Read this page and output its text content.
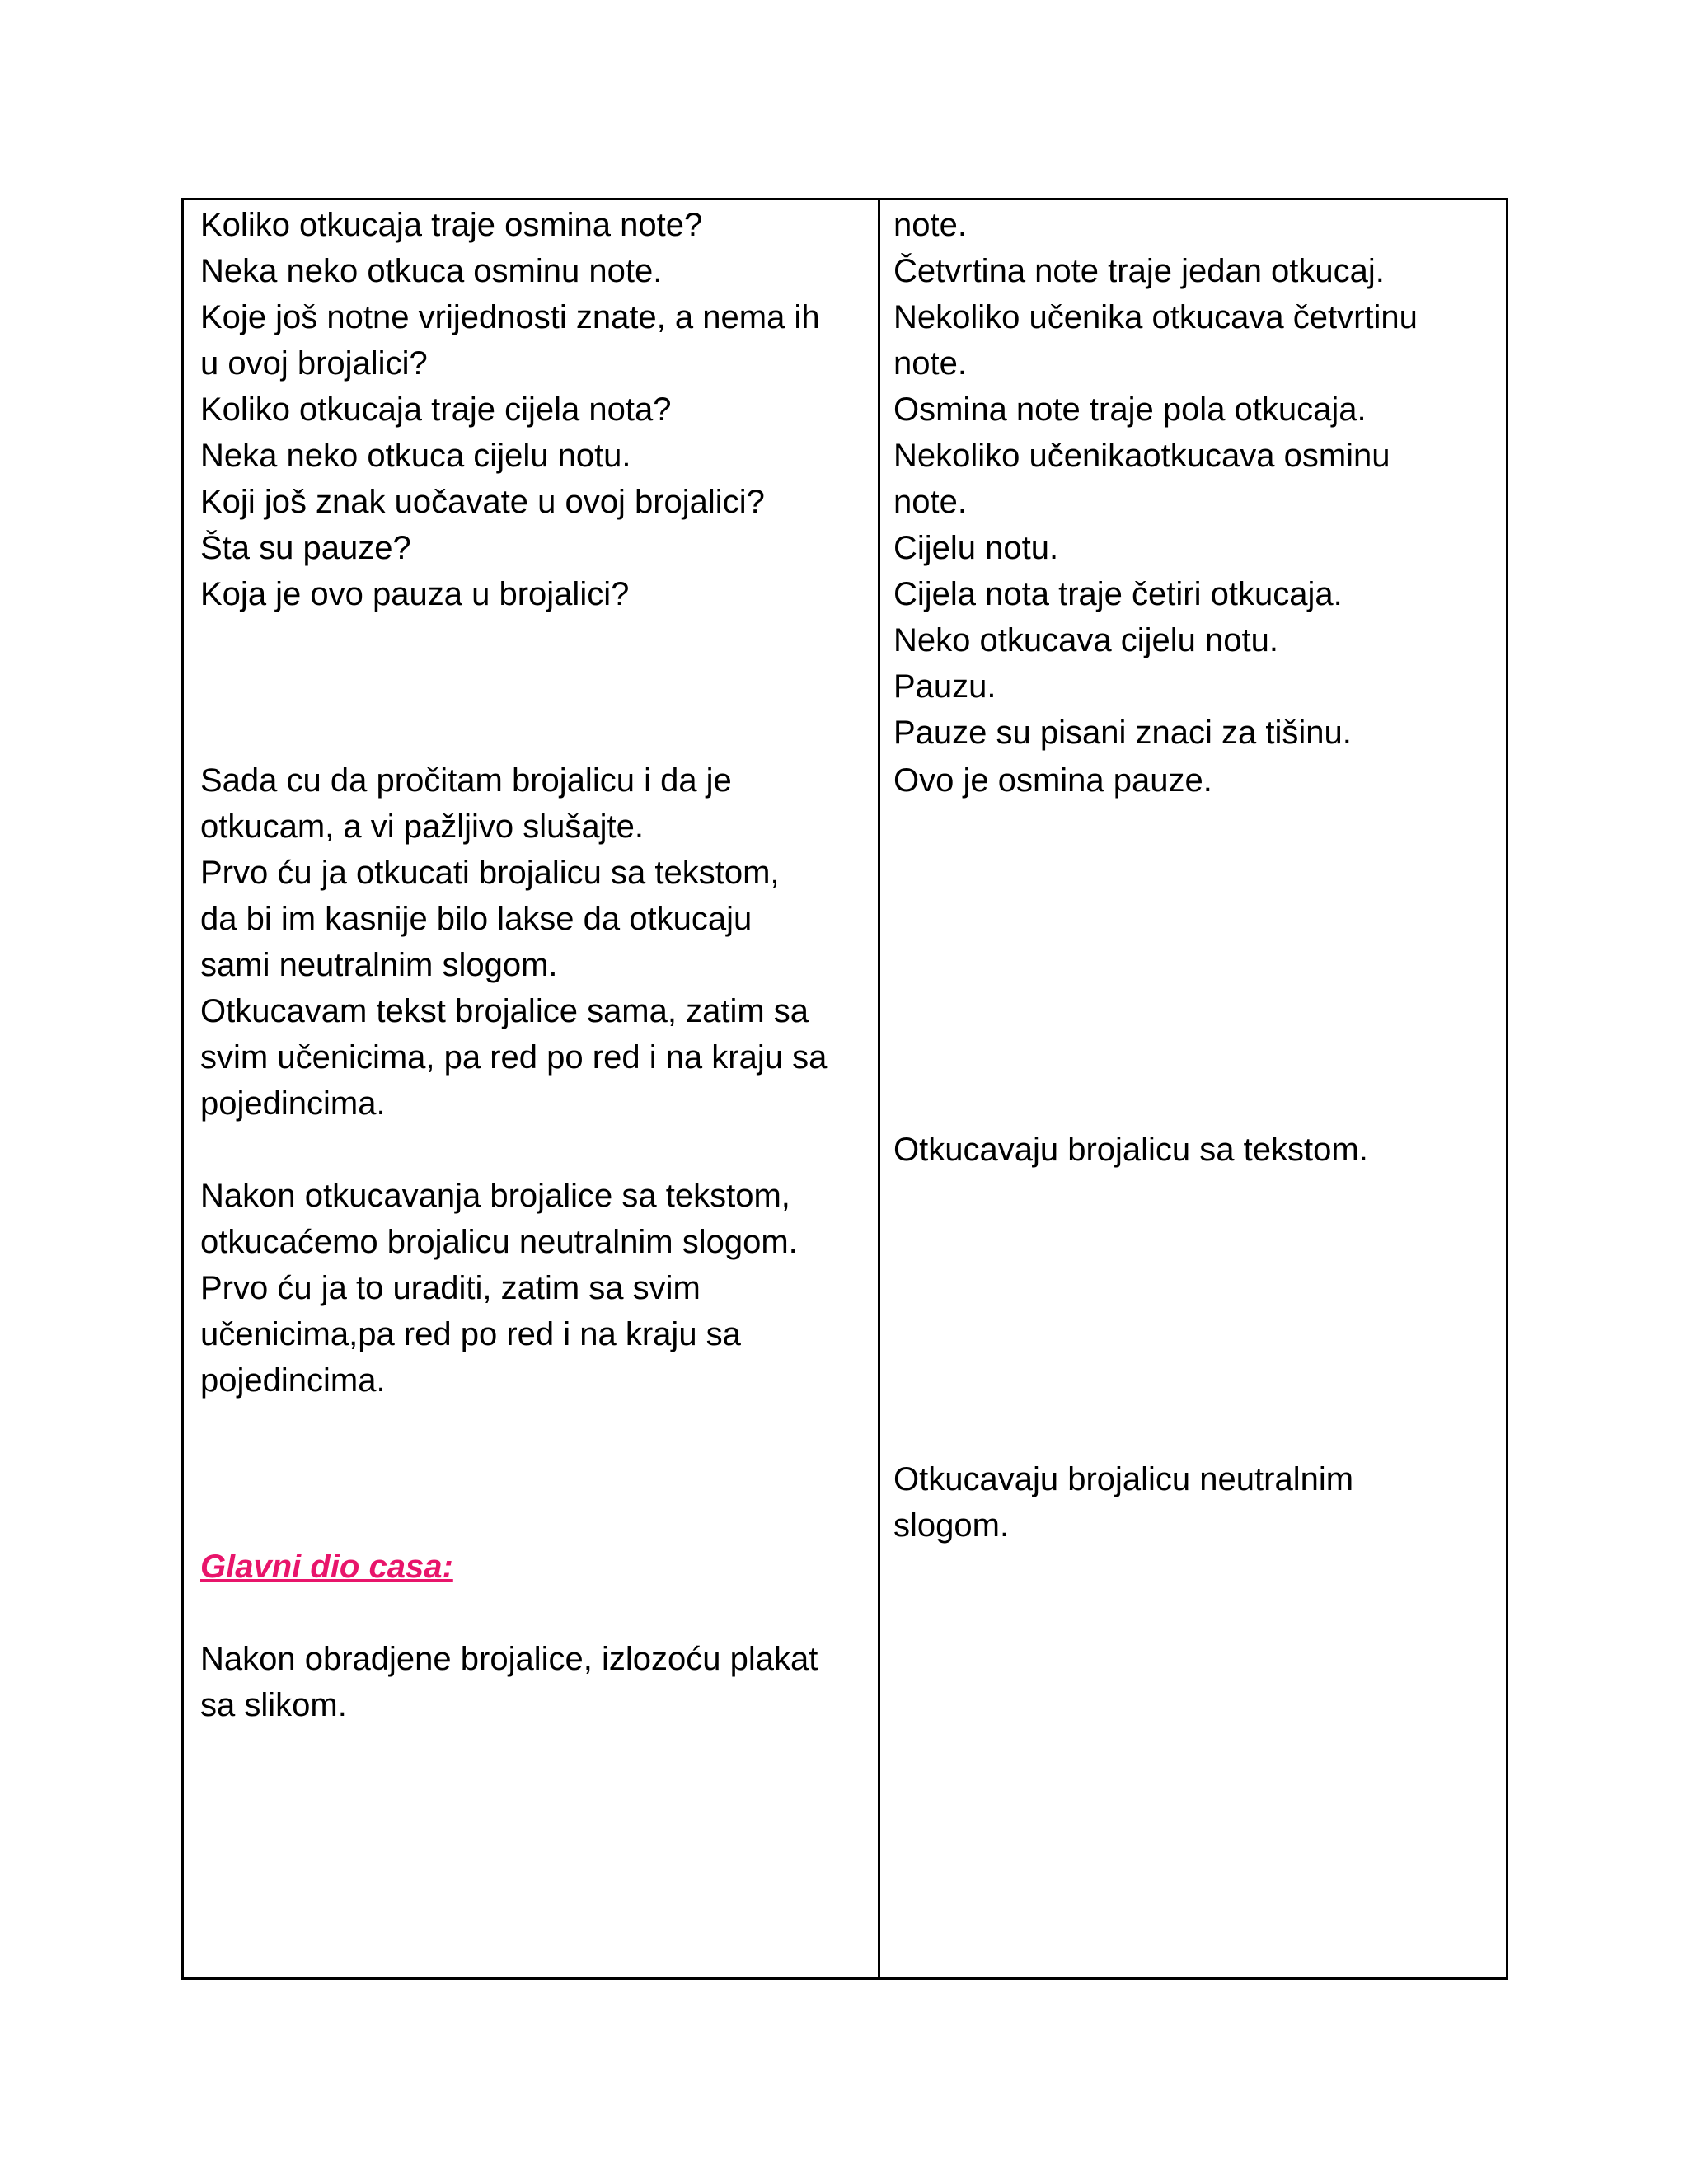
Koliko otkucaja traje osmina note?
Neka neko otkuca osminu note.
Koje još notne vrijednosti znate, a nema ih
u ovoj brojalici?
Koliko otkucaja traje cijela nota?
Neka neko otkuca cijelu notu.
Koji još znak uočavate u ovoj brojalici?
Šta su pauze?
Koja je ovo pauza u brojalici?
Sada cu da pročitam brojalicu i da je
otkucam, a vi pažljivo slušajte.
Prvo ću ja otkucati brojalicu sa tekstom,
da bi im kasnije bilo lakse da otkucaju
sami neutralnim slogom.
Otkucavam tekst brojalice sama, zatim sa
svim učenicima, pa red po red i na kraju sa
pojedincima.
Nakon otkucavanja brojalice sa tekstom,
otkucaćemo brojalicu neutralnim slogom.
Prvo ću ja to uraditi, zatim sa svim
učenicima,pa red po red i na kraju sa
pojedincima.
Glavni dio casa:
Nakon obradjene brojalice, izlozoću plakat
sa slikom.
note.
Četvrtina note traje jedan otkucaj.
Nekoliko učenika otkucava četvrtinu
note.
Osmina note traje pola otkucaja.
Nekoliko učenikaotkucava osminu
note.
Cijelu notu.
Cijela nota traje četiri otkucaja.
Neko otkucava cijelu notu.
Pauzu.
Pauze su pisani znaci za tišinu.
Ovo je osmina pauze.
Otkucavaju brojalicu sa tekstom.
Otkucavaju brojalicu neutralnim
slogom.
